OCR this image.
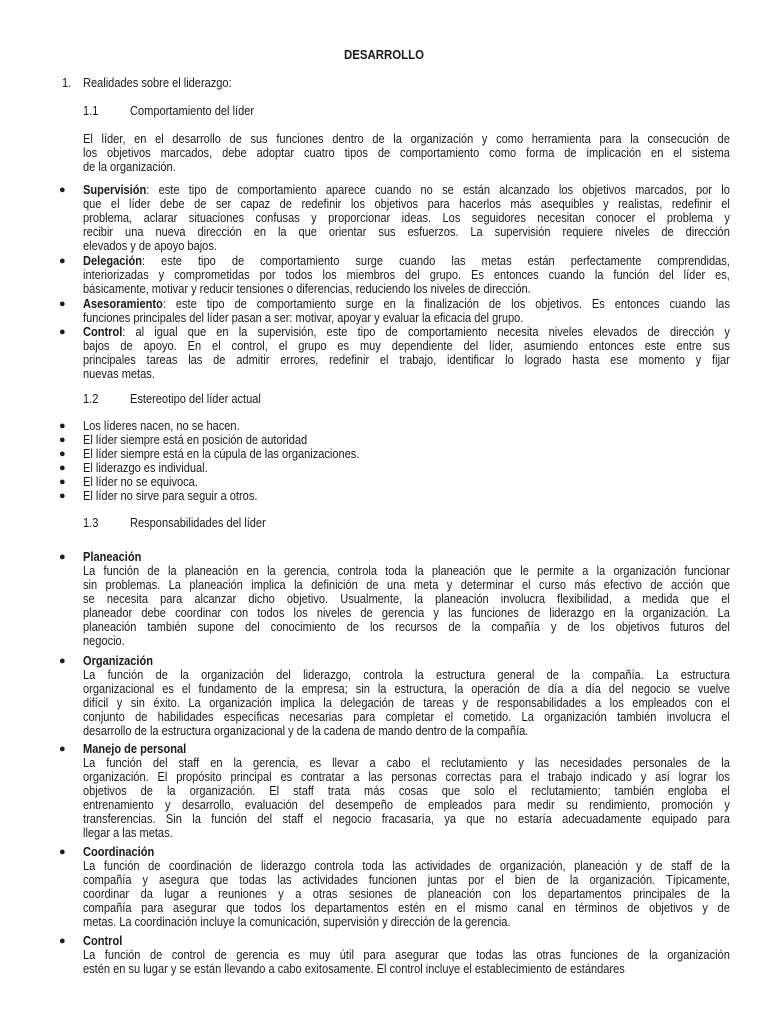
DESARROLLO
1. Realidades sobre el liderazgo:
1.1 Comportamiento del líder
El líder, en el desarrollo de sus funciones dentro de la organización y como herramienta para la consecución de
los objetivos marcados, debe adoptar cuatro tipos de comportamiento como forma de implicación en el sistema
de la organización.
● Supervisión: este tipo de comportamiento aparece cuando no se están alcanzado los objetivos marcados, por lo
que el líder debe de ser capaz de redefinir los objetivos para hacerlos más asequibles y realistas, redefinir el
problema, aclarar situaciones confusas y proporcionar ideas. Los seguidores necesitan conocer el problema y
recibir una nueva dirección en la que orientar sus esfuerzos. La supervisión requiere niveles de dirección
elevados y de apoyo bajos.
● Delegación: este tipo de comportamiento surge cuando las metas están perfectamente comprendidas,
interiorizadas y comprometidas por todos los miembros del grupo. Es entonces cuando la función del líder es,
básicamente, motivar y reducir tensiones o diferencias, reduciendo los niveles de dirección.
● Asesoramiento: este tipo de comportamiento surge en la finalización de los objetivos. Es entonces cuando las
funciones principales del líder pasan a ser: motivar, apoyar y evaluar la eficacia del grupo.
● Control: al igual que en la supervisión, este tipo de comportamiento necesita niveles elevados de dirección y
bajos de apoyo. En el control, el grupo es muy dependiente del líder, asumiendo entonces este entre sus
principales tareas las de admitir errores, redefinir el trabajo, identificar lo logrado hasta ese momento y fijar
nuevas metas.
1.2 Estereotipo del líder actual
● Los líderes nacen, no se hacen.
● El líder siempre está en posición de autoridad
● El líder siempre está en la cúpula de las organizaciones.
● El liderazgo es individual.
● El líder no se equivoca.
● El líder no sirve para seguir a otros.
1.3 Responsabilidades del líder
● Planeación
La función de la planeación en la gerencia, controla toda la planeación que le permite a la organización funcionar
sin problemas. La planeación implica la definición de una meta y determinar el curso más efectivo de acción que
se necesita para alcanzar dicho objetivo. Usualmente, la planeación involucra flexibilidad, a medida que el
planeador debe coordinar con todos los niveles de gerencia y las funciones de liderazgo en la organización. La
planeación también supone del conocimiento de los recursos de la compañía y de los objetivos futuros del
negocio.
● Organización
La función de la organización del liderazgo, controla la estructura general de la compañía. La estructura
organizacional es el fundamento de la empresa; sin la estructura, la operación de día a día del negocio se vuelve
difícil y sin éxito. La organización implica la delegación de tareas y de responsabilidades a los empleados con el
conjunto de habilidades específicas necesarias para completar el cometido. La organización también involucra el
desarrollo de la estructura organizacional y de la cadena de mando dentro de la compañía.
● Manejo de personal
La función del staff en la gerencia, es llevar a cabo el reclutamiento y las necesidades personales de la
organización. El propósito principal es contratar a las personas correctas para el trabajo indicado y así lograr los
objetivos de la organización. El staff trata más cosas que solo el reclutamiento; también engloba el
entrenamiento y desarrollo, evaluación del desempeño de empleados para medir su rendimiento, promoción y
transferencias. Sin la función del staff el negocio fracasaría, ya que no estaría adecuadamente equipado para
llegar a las metas.
● Coordinación
La función de coordinación de liderazgo controla toda las actividades de organización, planeación y de staff de la
compañía y asegura que todas las actividades funcionen juntas por el bien de la organización. Típicamente,
coordinar da lugar a reuniones y a otras sesiones de planeación con los departamentos principales de la
compañía para asegurar que todos los departamentos estén en el mismo canal en términos de objetivos y de
metas. La coordinación incluye la comunicación, supervisión y dirección de la gerencia.
● Control
La función de control de gerencia es muy útil para asegurar que todas las otras funciones de la organización
estén en su lugar y se están llevando a cabo exitosamente. El control incluye el establecimiento de estándares
